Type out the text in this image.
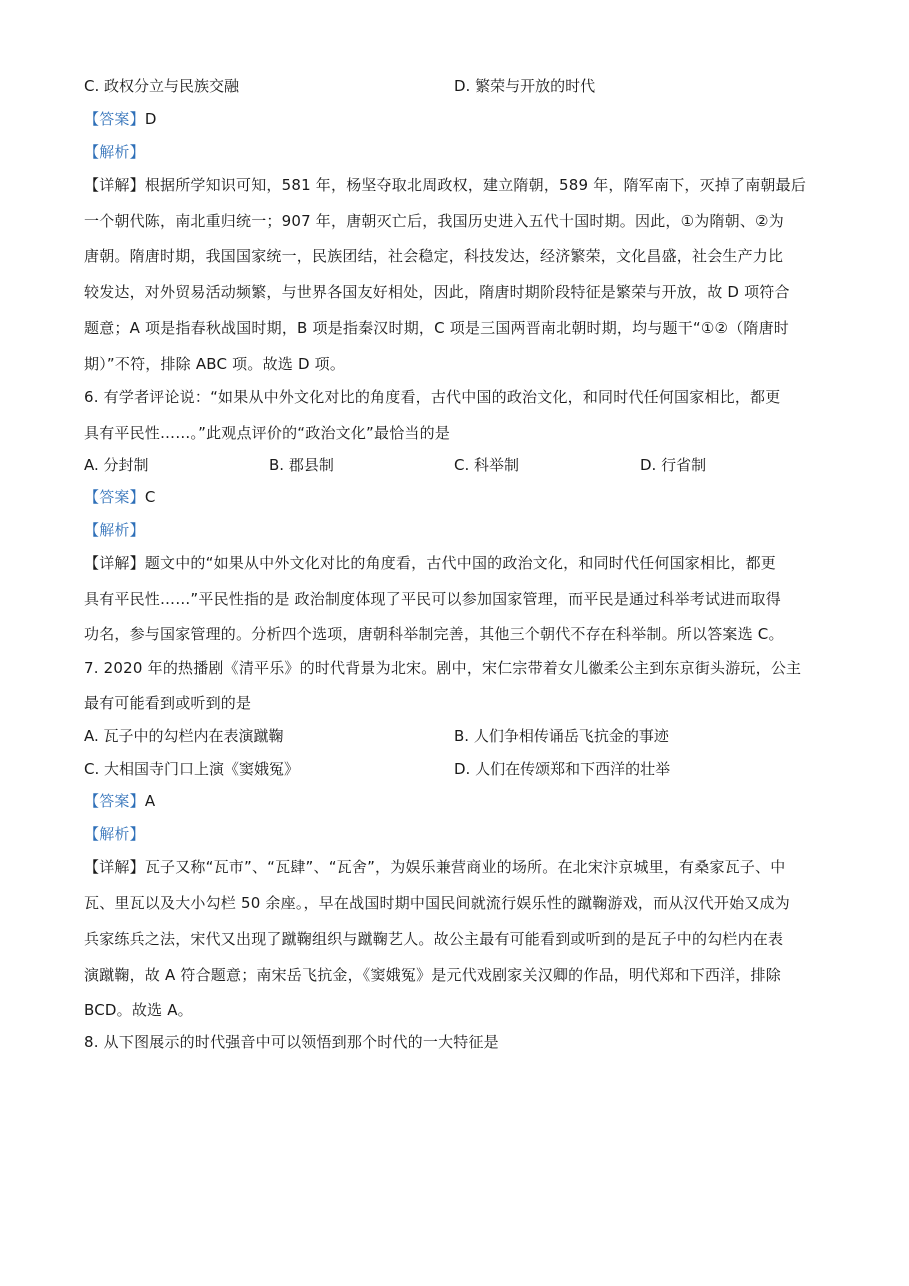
C. 政权分立与民族交融	D. 繁荣与开放的时代
【答案】D
【解析】
【详解】根据所学知识可知，581 年，杨坚夺取北周政权，建立隋朝，589 年，隋军南下，灭掉了南朝最后
一个朝代陈，南北重归统一；907 年，唐朝灭亡后，我国历史进入五代十国时期。因此，①为隋朝、②为
唐朝。隋唐时期，我国国家统一，民族团结，社会稳定，科技发达，经济繁荣，文化昌盛，社会生产力比
较发达，对外贸易活动频繁，与世界各国友好相处，因此，隋唐时期阶段特征是繁荣与开放，故 D 项符合
题意；A 项是指春秋战国时期，B 项是指秦汉时期，C 项是三国两晋南北朝时期，均与题干“①②（隋唐时
期）”不符，排除 ABC 项。故选 D 项。
6. 有学者评论说：“如果从中外文化对比的角度看，古代中国的政治文化，和同时代任何国家相比，都更
具有平民性……。”此观点评价的“政治文化”最恰当的是
A. 分封制	B. 郡县制	C. 科举制	D. 行省制
【答案】C
【解析】
【详解】题文中的“如果从中外文化对比的角度看，古代中国的政治文化，和同时代任何国家相比，都更
具有平民性……”平民性指的是 政治制度体现了平民可以参加国家管理，而平民是通过科举考试进而取得
功名，参与国家管理的。分析四个选项，唐朝科举制完善，其他三个朝代不存在科举制。所以答案选 C。
7. 2020 年的热播剧《清平乐》的时代背景为北宋。剧中，宋仁宗带着女儿徽柔公主到东京街头游玩，公主
最有可能看到或听到的是
A. 瓦子中的勾栏内在表演蹴鞠	B. 人们争相传诵岳飞抗金的事迹
C. 大相国寺门口上演《窦娥冤》	D. 人们在传颂郑和下西洋的壮举
【答案】A
【解析】
【详解】瓦子又称“瓦市”、“瓦肆”、“瓦舍”，为娱乐兼营商业的场所。在北宋汴京城里，有桑家瓦子、中
瓦、里瓦以及大小勾栏 50 余座。，早在战国时期中国民间就流行娱乐性的蹴鞠游戏，而从汉代开始又成为
兵家练兵之法，宋代又出现了蹴鞠组织与蹴鞠艺人。故公主最有可能看到或听到的是瓦子中的勾栏内在表
演蹴鞠，故 A 符合题意；南宋岳飞抗金，《窦娥冤》是元代戏剧家关汉卿的作品，明代郑和下西洋，排除
BCD。故选 A。
8. 从下图展示的时代强音中可以领悟到那个时代的一大特征是
